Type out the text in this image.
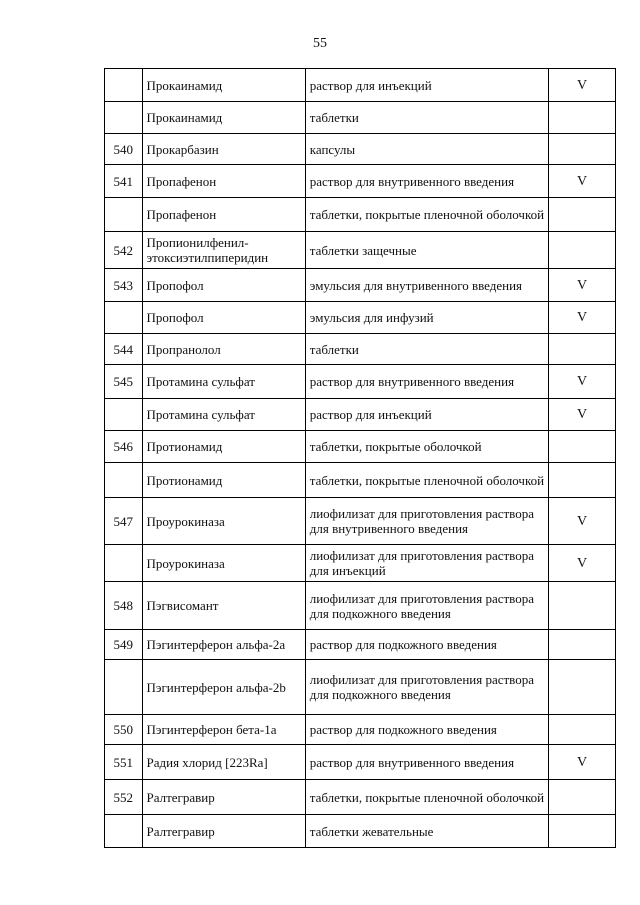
55
	Прокаинамид	раствор для инъекций	V
	Прокаинамид	таблетки	
540	Прокарбазин	капсулы	
541	Пропафенон	раствор для внутривенного введения	V
	Пропафенон	таблетки, покрытые пленочной оболочкой	
542	Пропионилфенил-этоксиэтилпиперидин	таблетки защечные	
543	Пропофол	эмульсия для внутривенного введения	V
	Пропофол	эмульсия для инфузий	V
544	Пропранолол	таблетки	
545	Протамина сульфат	раствор для внутривенного введения	V
	Протамина сульфат	раствор для инъекций	V
546	Протионамид	таблетки, покрытые оболочкой	
	Протионамид	таблетки, покрытые пленочной оболочкой	
547	Проурокиназа	лиофилизат для приготовления раствора для внутривенного введения	V
	Проурокиназа	лиофилизат для приготовления раствора для инъекций	V
548	Пэгвисомант	лиофилизат для приготовления раствора для подкожного введения	
549	Пэгинтерферон альфа-2a	раствор для подкожного введения	
	Пэгинтерферон альфа-2b	лиофилизат для приготовления раствора для подкожного введения	
550	Пэгинтерферон бета-1a	раствор для подкожного введения	
551	Радия хлорид [223Ra]	раствор для внутривенного введения	V
552	Ралтегравир	таблетки, покрытые пленочной оболочкой	
	Ралтегравир	таблетки жевательные	
